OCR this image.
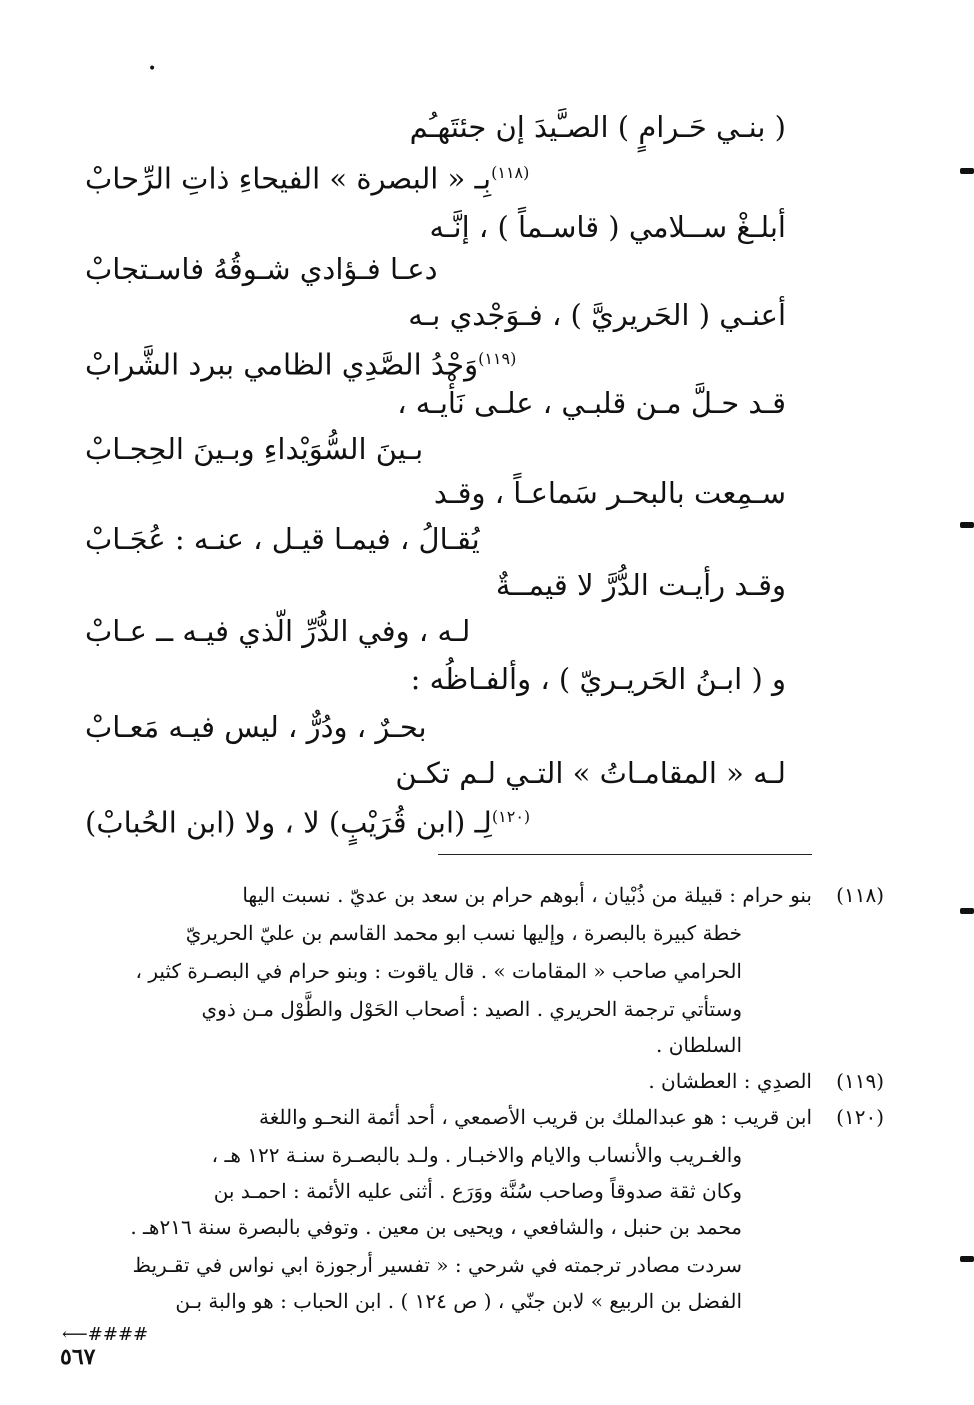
•
( بنـي حَـرامٍ ) الصـَّيدَ إن جئتَهـُم
$^{(١١٨)}$بِـ « البصرة » الفيحاءِ ذاتِ الرِّحابْ
أبلـغْ ســلامي ( قاسـماً ) ، إنَّـه
دعـا فـؤادي شـوقُهُ فاسـتجابْ
أعنـي ( الحَريريَّ ) ، فـوَجْدي بـه
$^{(١١٩)}$وَجْدُ الصَّدِي الظامي ببرد الشَّرابْ
قـد حـلَّ مـن قلبـي ، علـى نَأْيـه ،
بـينَ السُّوَيْداءِ وبـينَ الحِجـابْ
سـمِعت بالبحـر سَماعـاً ، وقـد
يُقـالُ ، فيمـا قيـل ، عنـه : عُجَـابْ
وقـد رأيـت الدُّرَّ لا قيمــةٌ
لـه ، وفي الدُّرِّ الّذي فيـه ــ عـابْ
و ( ابـنُ الحَريـريّ ) ، وألفـاظُه :
بحـرٌ ، ودُرٌّ ، ليس فيـه مَعـابْ
لـه « المقامـاتُ » التـي لـم تكـن
$^{(١٢٠)}$لِـ (ابن قُرَيْبٍ) لا ، ولا (ابن الحُبابْ)
(١١٨)
بنو حرام : قبيلة من ذُبْيان ، أبوهم حرام بن سعد بن عديّ . نسبت اليها
خطة كبيرة بالبصرة ، وإليها نسب ابو محمد القاسم بن عليّ الحريريّ
الحرامي صاحب « المقامات » . قال ياقوت : وبنو حرام في البصـرة كثير ،
وستأتي ترجمة الحريري . الصيد : أصحاب الحَوْل والطَّوْل مـن ذوي
السلطان .
(١١٩)
الصدِي : العطشان .
(١٢٠)
ابن قريب : هو عبدالملك بن قريب الأصمعي ، أحد أئمة النحـو واللغة
والغـريب والأنساب والايام والاخبـار . ولـد بالبصـرة سنـة ١٢٢ هـ ،
وكان ثقة صدوقاً وصاحب سُنَّة ووَرَع . أثنى عليه الأئمة : احمـد بن
محمد بن حنبل ، والشافعي ، ويحيى بن معين . وتوفي بالبصرة سنة ٢١٦هـ .
سردت مصادر ترجمته في شرحي : « تفسير أرجوزة ابي نواس في تقـريظ
الفضل بن الربيع » لابن جنّي ، ( ص ١٢٤ ) . ابن الحباب : هو والبة بـن
⟵####
٥٦٧
